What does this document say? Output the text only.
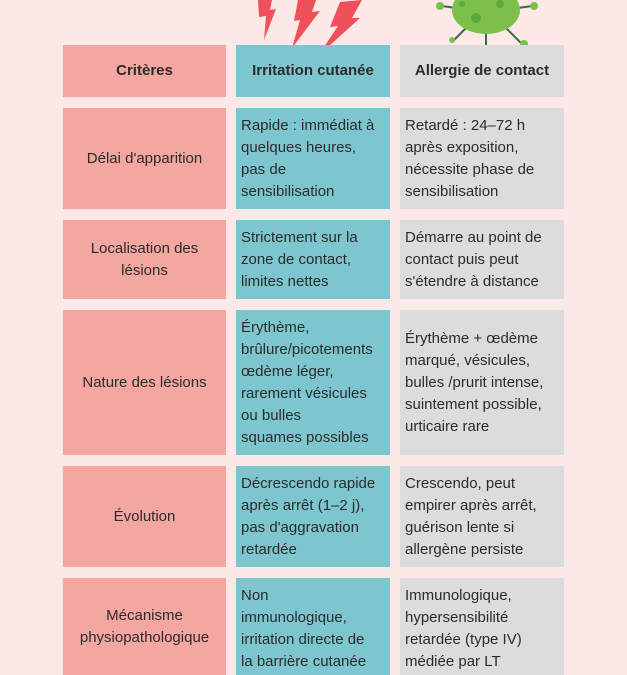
Critères	Irritation cutanée	Allergie de contact
Délai d'apparition
Rapide : immédiat à
quelques heures,
pas de
sensibilisation
Retardé : 24–72 h
après exposition,
nécessite phase de
sensibilisation
Localisation des
lésions
Strictement sur la
zone de contact,
limites nettes
Démarre au point de
contact puis peut
s'étendre à distance
Nature des lésions
Érythème,
brûlure/picotements
œdème léger,
rarement vésicules
ou bulles
squames possibles
Érythème + œdème
marqué, vésicules,
bulles /prurit intense,
suintement possible,
urticaire rare
Évolution
Décrescendo rapide
après arrêt (1–2 j),
pas d'aggravation
retardée
Crescendo, peut
empirer après arrêt,
guérison lente si
allergène persiste
Mécanisme
physiopathologique
Non
immunologique,
irritation directe de
la barrière cutanée
Immunologique,
hypersensibilité
retardée (type IV)
médiée par LT
